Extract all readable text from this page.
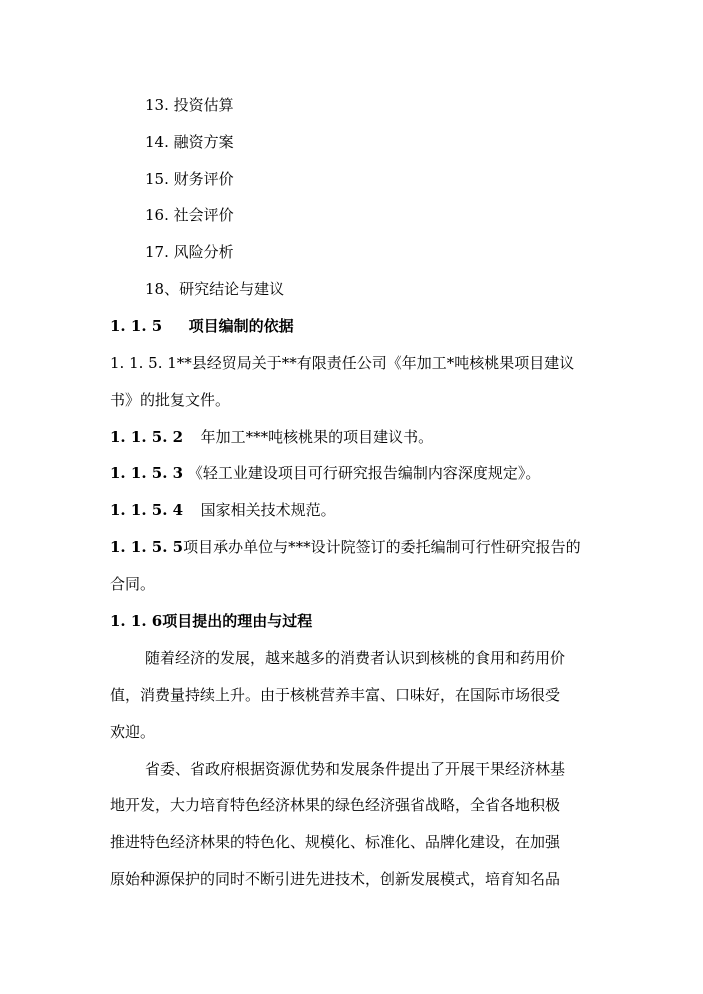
13. 投资估算
14. 融资方案
15. 财务评价
16. 社会评价
17. 风险分析
18、研究结论与建议
1. 1. 5 项目编制的依据
1. 1. 5. 1**县经贸局关于**有限责任公司《年加工*吨核桃果项目建议
书》的批复文件。
1. 1. 5. 2 年加工***吨核桃果的项目建议书。
1. 1. 5. 3 《轻工业建设项目可行研究报告编制内容深度规定》。
1. 1. 5. 4 国家相关技术规范。
1. 1. 5. 5项目承办单位与***设计院签订的委托编制可行性研究报告的
合同。
1. 1. 6项目提出的理由与过程
随着经济的发展，越来越多的消费者认识到核桃的食用和药用价
值，消费量持续上升。由于核桃营养丰富、口味好，在国际市场很受
欢迎。
省委、省政府根据资源优势和发展条件提出了开展干果经济林基
地开发，大力培育特色经济林果的绿色经济强省战略，全省各地积极
推进特色经济林果的特色化、规模化、标准化、品牌化建设，在加强
原始种源保护的同时不断引进先进技术，创新发展模式，培育知名品
